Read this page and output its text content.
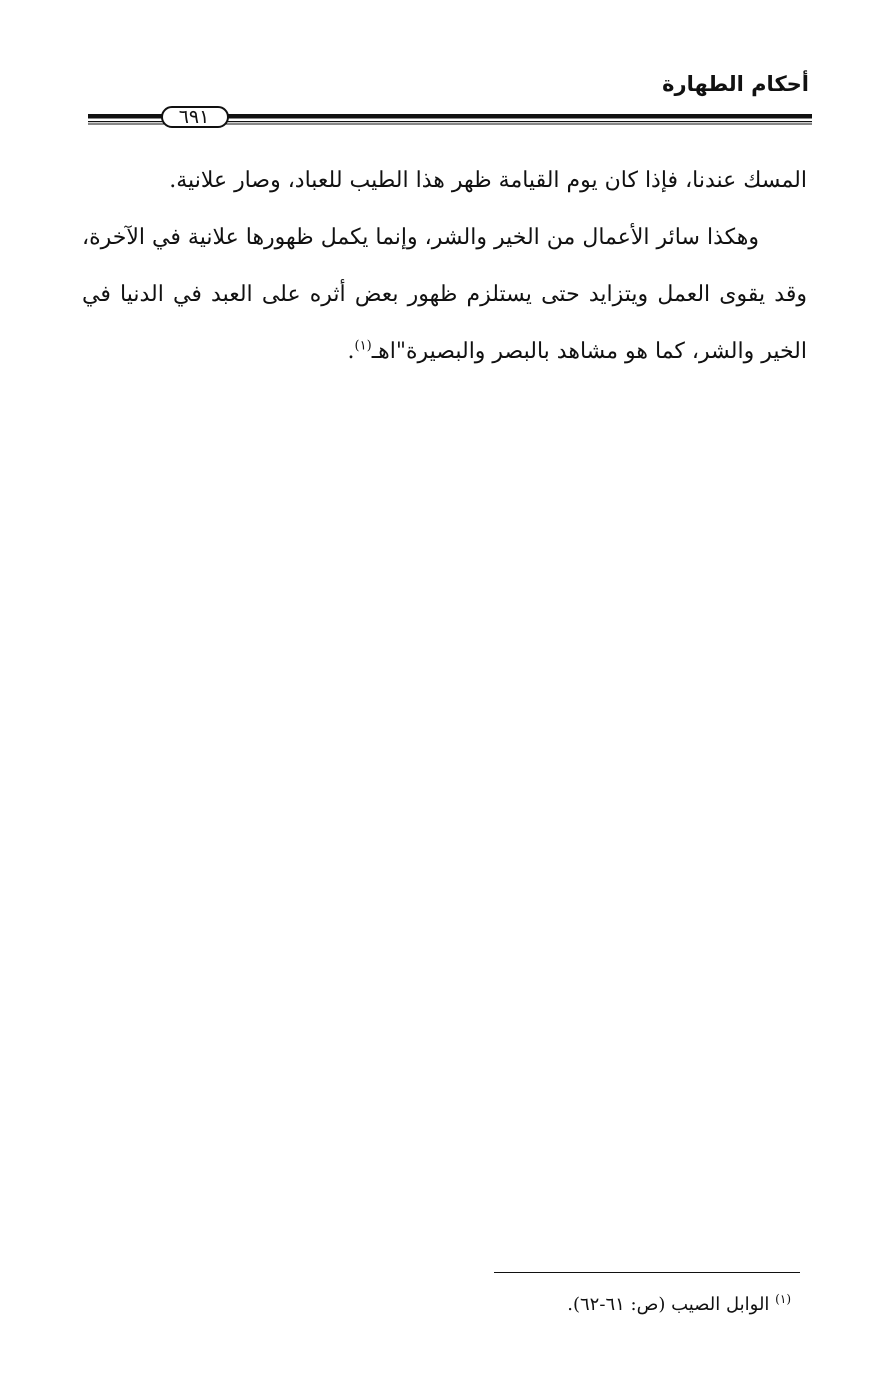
أحكام الطهارة
٦٩١

المسك عندنا، فإذا كان يوم القيامة ظهر هذا الطيب للعباد، وصار علانية.

وهكذا سائر الأعمال من الخير والشر، وإنما يكمل ظهورها علانية في الآخرة، وقد يقوى العمل ويتزايد حتى يستلزم ظهور بعض أثره على العبد في الدنيا في الخير والشر، كما هو مشاهد بالبصر والبصيرة"اهـ$^{(١)}$.

$^{(١)}$ الوابل الصيب (ص: ٦١-٦٢).
